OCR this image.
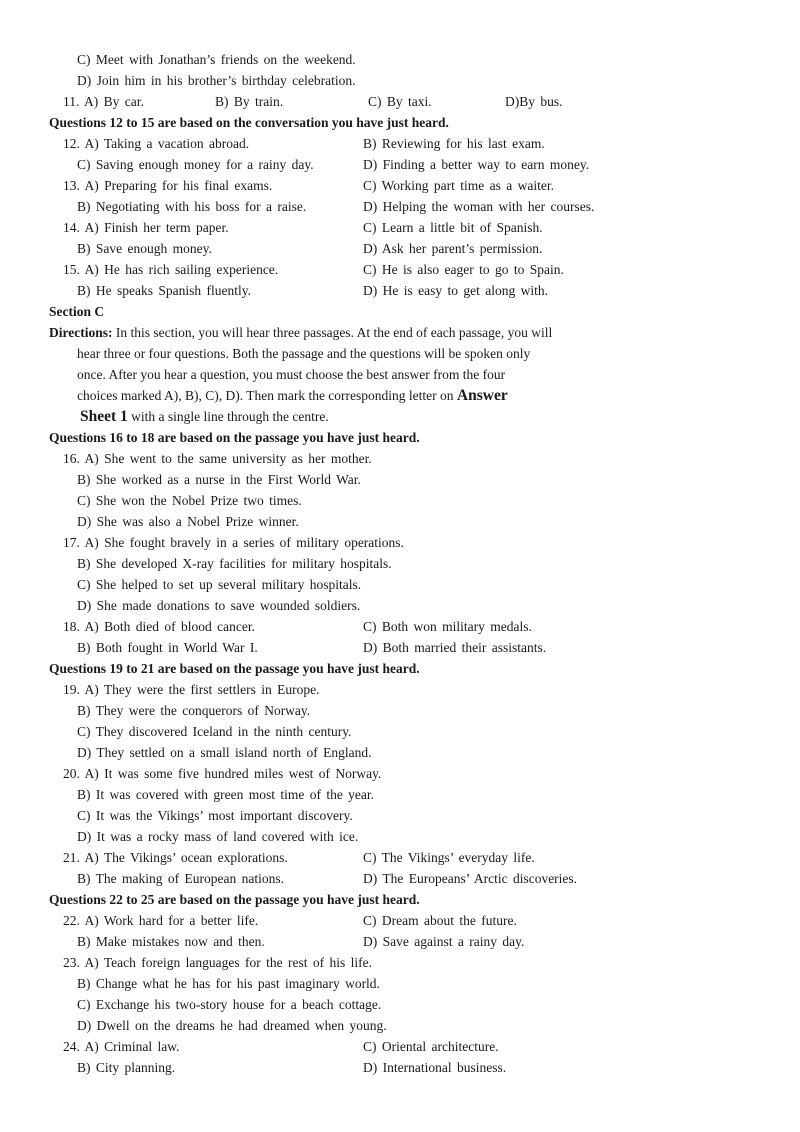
C) Meet with Jonathan’s friends on the weekend.
D) Join him in his brother’s birthday celebration.
11. A) By car.	B) By train.	C) By taxi.	D)By bus.
Questions 12 to 15 are based on the conversation you have just heard.
12. A) Taking a vacation abroad.	B) Reviewing for his last exam.
C) Saving enough money for a rainy day.	D) Finding a better way to earn money.
13. A) Preparing for his final exams.	C) Working part time as a waiter.
B) Negotiating with his boss for a raise.	D) Helping the woman with her courses.
14. A) Finish her term paper.	C) Learn a little bit of Spanish.
B) Save enough money.	D) Ask her parent’s permission.
15. A) He has rich sailing experience.	C) He is also eager to go to Spain.
B) He speaks Spanish fluently.	D) He is easy to get along with.
Section C
Directions: In this section, you will hear three passages. At the end of each passage, you will
hear three or four questions. Both the passage and the questions will be spoken only
once. After you hear a question, you must choose the best answer from the four
choices marked A), B), C), D). Then mark the corresponding letter on Answer
Sheet 1 with a single line through the centre.
Questions 16 to 18 are based on the passage you have just heard.
16. A) She went to the same university as her mother.
B) She worked as a nurse in the First World War.
C) She won the Nobel Prize two times.
D) She was also a Nobel Prize winner.
17. A) She fought bravely in a series of military operations.
B) She developed X-ray facilities for military hospitals.
C) She helped to set up several military hospitals.
D) She made donations to save wounded soldiers.
18. A) Both died of blood cancer.	C) Both won military medals.
B) Both fought in World War I.	D) Both married their assistants.
Questions 19 to 21 are based on the passage you have just heard.
19. A) They were the first settlers in Europe.
B) They were the conquerors of Norway.
C) They discovered Iceland in the ninth century.
D) They settled on a small island north of England.
20. A) It was some five hundred miles west of Norway.
B) It was covered with green most time of the year.
C) It was the Vikings’ most important discovery.
D) It was a rocky mass of land covered with ice.
21. A) The Vikings’ ocean explorations.	C) The Vikings’ everyday life.
B) The making of European nations.	D) The Europeans’ Arctic discoveries.
Questions 22 to 25 are based on the passage you have just heard.
22. A) Work hard for a better life.	C) Dream about the future.
B) Make mistakes now and then.	D) Save against a rainy day.
23. A) Teach foreign languages for the rest of his life.
B) Change what he has for his past imaginary world.
C) Exchange his two-story house for a beach cottage.
D) Dwell on the dreams he had dreamed when young.
24. A) Criminal law.	C) Oriental architecture.
B) City planning.	D) International business.
